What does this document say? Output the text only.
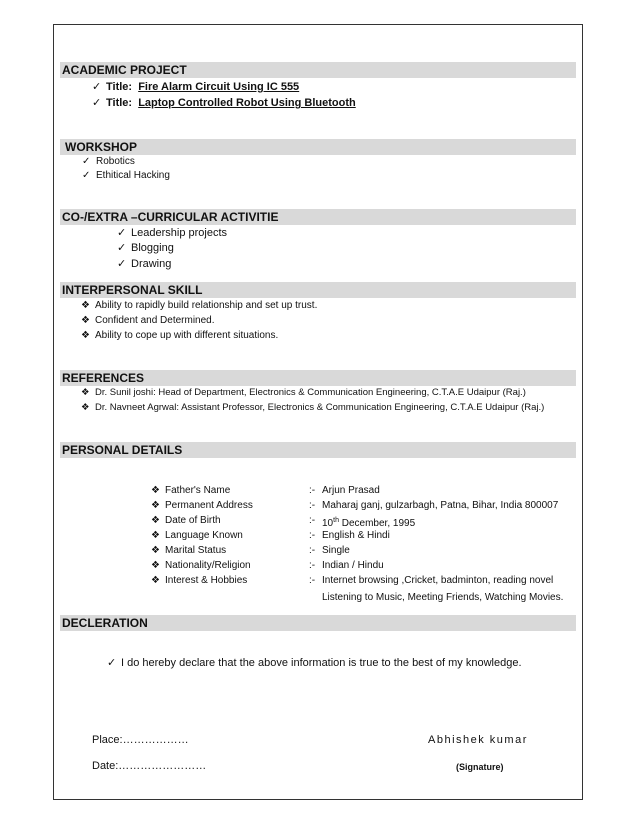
ACADEMIC PROJECT
✓ Title: Fire Alarm Circuit Using IC 555
✓ Title: Laptop Controlled Robot Using Bluetooth
WORKSHOP
✓ Robotics
✓ Ethitical Hacking
CO-/EXTRA –CURRICULAR ACTIVITIE
✓ Leadership projects
✓ Blogging
✓ Drawing
INTERPERSONAL SKILL
❖ Ability to rapidly build relationship and set up trust.
❖ Confident and Determined.
❖ Ability to cope up with different situations.
REFERENCES
❖ Dr. Sunil joshi: Head of Department, Electronics & Communication Engineering, C.T.A.E Udaipur (Raj.)
❖ Dr. Navneet Agrwal: Assistant Professor, Electronics & Communication Engineering, C.T.A.E Udaipur (Raj.)
PERSONAL DETAILS
❖ Father's Name	:- Arjun Prasad
❖ Permanent Address	:- Maharaj ganj, gulzarbagh, Patna, Bihar, India 800007
❖ Date of Birth	:- 10th December, 1995
❖ Language Known	:- English & Hindi
❖ Marital Status	:- Single
❖ Nationality/Religion	:- Indian / Hindu
❖ Interest & Hobbies	:- Internet browsing ,Cricket, badminton, reading novel
Listening to Music, Meeting Friends, Watching Movies.
DECLERATION
✓ I do hereby declare that the above information is true to the best of my knowledge.
Place:………………	Abhishek kumar
Date:……………………	(Signature)
